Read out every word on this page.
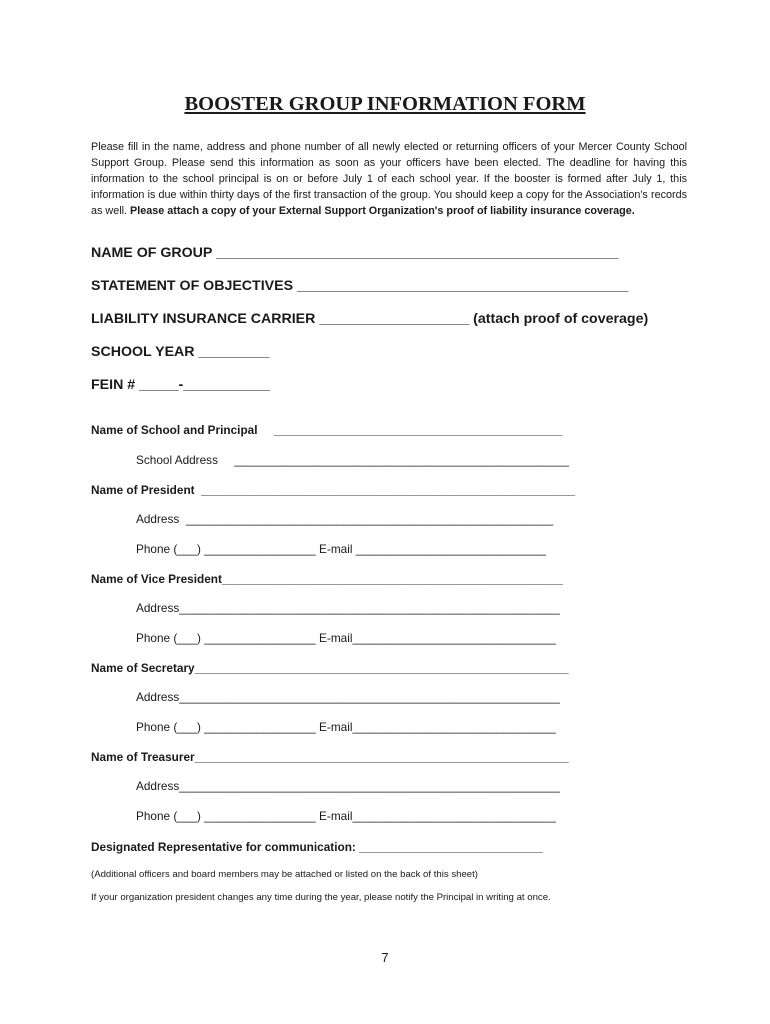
BOOSTER GROUP INFORMATION FORM
Please fill in the name, address and phone number of all newly elected or returning officers of your Mercer County School Support Group. Please send this information as soon as your officers have been elected. The deadline for having this information to the school principal is on or before July 1 of each school year. If the booster is formed after July 1, this information is due within thirty days of the first transaction of the group. You should keep a copy for the Association's records as well. Please attach a copy of your External Support Organization's proof of liability insurance coverage.
NAME OF GROUP ___________________________________________________
STATEMENT OF OBJECTIVES __________________________________________
LIABILITY INSURANCE CARRIER ___________________ (attach proof of coverage)
SCHOOL YEAR _________
FEIN # _____-___________
Name of School and Principal     ____________________________________________
School Address     ___________________________________________________
Name of President  _________________________________________________________
Address  ________________________________________________________
Phone (___) _________________ E-mail _____________________________
Name of Vice President____________________________________________________
Address__________________________________________________________
Phone (___) _________________ E-mail_______________________________
Name of Secretary_________________________________________________________
Address__________________________________________________________
Phone (___) _________________ E-mail_______________________________
Name of Treasurer_________________________________________________________
Address__________________________________________________________
Phone (___) _________________ E-mail_______________________________
Designated Representative for communication: ____________________________
(Additional officers and board members may be attached or listed on the back of this sheet)
If your organization president changes any time during the year, please notify the Principal in writing at once.
7
